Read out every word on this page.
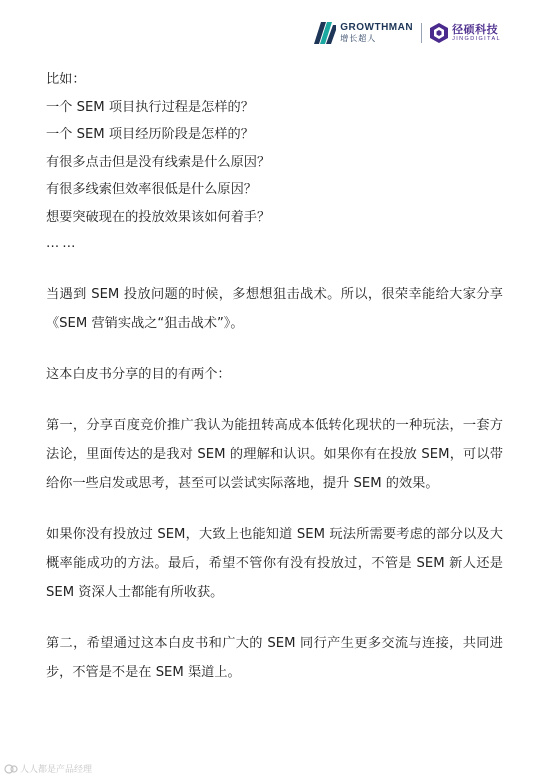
GROWTHMAN
增长超人
径硕科技
JINGDIGITAL

比如：

一个 SEM 项目执行过程是怎样的？

一个 SEM 项目经历阶段是怎样的？

有很多点击但是没有线索是什么原因？

有很多线索但效率很低是什么原因？

想要突破现在的投放效果该如何着手？

……

当遇到 SEM 投放问题的时候，多想想狙击战术。所以，很荣幸能给大家分享《SEM 营销实战之“狙击战术”》。

这本白皮书分享的目的有两个：

第一，分享百度竞价推广我认为能扭转高成本低转化现状的一种玩法，一套方法论，里面传达的是我对 SEM 的理解和认识。如果你有在投放 SEM，可以带给你一些启发或思考，甚至可以尝试实际落地，提升 SEM 的效果。

如果你没有投放过 SEM，大致上也能知道 SEM 玩法所需要考虑的部分以及大概率能成功的方法。最后，希望不管你有没有投放过，不管是 SEM 新人还是 SEM 资深人士都能有所收获。

第二，希望通过这本白皮书和广大的 SEM 同行产生更多交流与连接，共同进步，不管是不是在 SEM 渠道上。

人人都是产品经理
